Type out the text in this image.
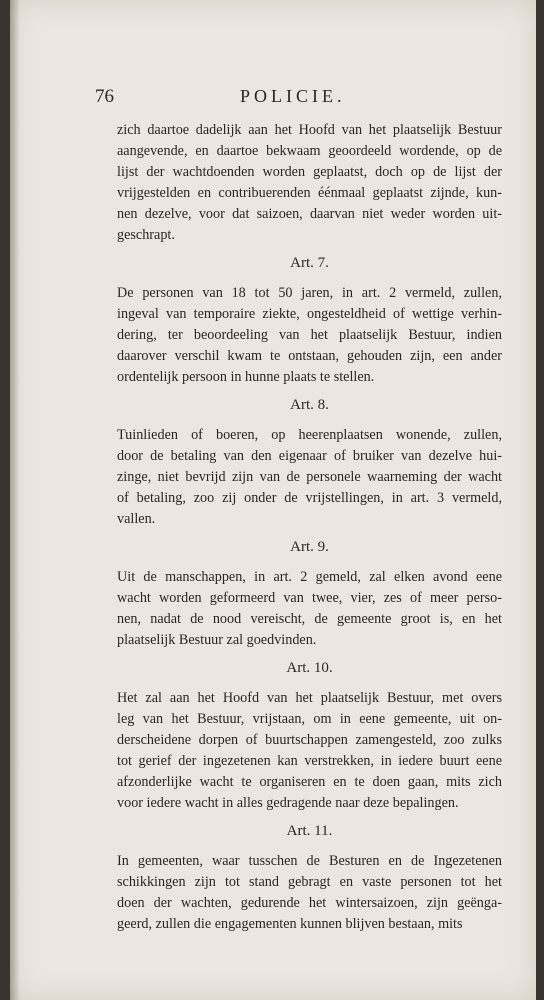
76	POLICIE.

zich daartoe dadelijk aan het Hoofd van het plaatselijk Bestuur
aangevende, en daartoe bekwaam geoordeeld wordende, op de
lijst der wachtdoenden worden geplaatst, doch op de lijst der
vrijgestelden en contribuerenden éénmaal geplaatst zijnde, kun-
nen dezelve, voor dat saizoen, daarvan niet weder worden uit-
geschrapt.

Art. 7.

De personen van 18 tot 50 jaren, in art. 2 vermeld, zullen,
ingeval van temporaire ziekte, ongesteldheid of wettige verhin-
dering, ter beoordeeling van het plaatselijk Bestuur, indien
daarover verschil kwam te ontstaan, gehouden zijn, een ander
ordentelijk persoon in hunne plaats te stellen.

Art. 8.

Tuinlieden of boeren, op heerenplaatsen wonende, zullen,
door de betaling van den eigenaar of bruiker van dezelve hui-
zinge, niet bevrijd zijn van de personele waarneming der wacht
of betaling, zoo zij onder de vrijstellingen, in art. 3 vermeld,
vallen.

Art. 9.

Uit de manschappen, in art. 2 gemeld, zal elken avond eene
wacht worden geformeerd van twee, vier, zes of meer perso-
nen, nadat de nood vereischt, de gemeente groot is, en het
plaatselijk Bestuur zal goedvinden.

Art. 10.

Het zal aan het Hoofd van het plaatselijk Bestuur, met overs
leg van het Bestuur, vrijstaan, om in eene gemeente, uit on-
derscheidene dorpen of buurtschappen zamengesteld, zoo zulks
tot gerief der ingezetenen kan verstrekken, in iedere buurt eene
afzonderlijke wacht te organiseren en te doen gaan, mits zich
voor iedere wacht in alles gedragende naar deze bepalingen.

Art. 11.

In gemeenten, waar tusschen de Besturen en de Ingezetenen
schikkingen zijn tot stand gebragt en vaste personen tot het
doen der wachten, gedurende het wintersaizoen, zijn geënga-
geerd, zullen die engagementen kunnen blijven bestaan, mits
